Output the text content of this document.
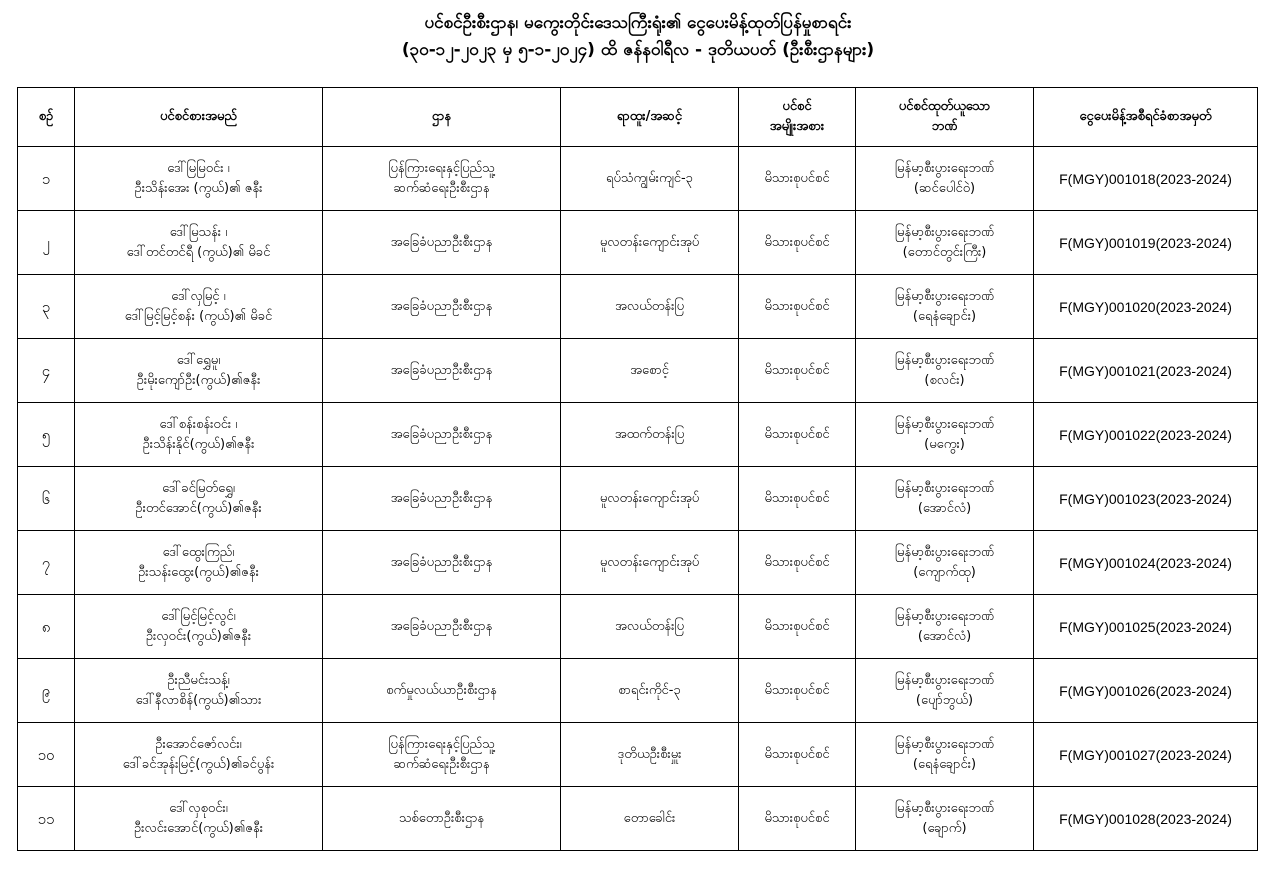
ပင်စင်ဦးစီးဌာန၊ မကွေးတိုင်းဒေသကြီးရုံး၏ ငွေပေးမိန့်ထုတ်ပြန်မှုစာရင်း
(၃၀-၁၂-၂၀၂၃ မှ ၅-၁-၂၀၂၄) ထိ ဇန်နဝါရီလ - ဒုတိယပတ် (ဦးစီးဌာနများ)
စဉ်	ပင်စင်စားအမည်	ဌာန	ရာထူး/အဆင့်	ပင်စင်
အမျိုးအစား	ပင်စင်ထုတ်ယူသော
ဘဏ်	ငွေပေးမိန့်အစီရင်ခံစာအမှတ်
၁	ဒေါ်မြမြဝင်း ၊
ဦးသိန်းအေး (ကွယ်)၏ ဇနီး	ပြန်ကြားရေးနှင့်ပြည်သူ့
ဆက်ဆံရေးဦးစီးဌာန	ရပ်သံကျွမ်းကျင်-၃	မိသားစုပင်စင်	မြန်မာ့စီးပွားရေးဘဏ်
(ဆင်ပေါင်ဝဲ)	F(MGY)001018(2023-2024)
၂	ဒေါ်မြသန်း ၊
ဒေါ်တင်တင်ရီ (ကွယ်)၏ မိခင်	အခြေခံပညာဦးစီးဌာန	မူလတန်းကျောင်းအုပ်	မိသားစုပင်စင်	မြန်မာ့စီးပွားရေးဘဏ်
(တောင်တွင်းကြီး)	F(MGY)001019(2023-2024)
၃	ဒေါ်လှမြင့် ၊
ဒေါ်မြင့်မြင့်စန်း (ကွယ်)၏ မိခင်	အခြေခံပညာဦးစီးဌာန	အလယ်တန်းပြ	မိသားစုပင်စင်	မြန်မာ့စီးပွားရေးဘဏ်
(ရေနံချောင်း)	F(MGY)001020(2023-2024)
၄	ဒေါ်ရွှေမူ၊
ဦးမိုးကျော်ဦး(ကွယ်)၏ဇနီး	အခြေခံပညာဦးစီးဌာန	အစောင့်	မိသားစုပင်စင်	မြန်မာ့စီးပွားရေးဘဏ်
(စလင်း)	F(MGY)001021(2023-2024)
၅	ဒေါ်စန်းစန်းဝင်း ၊
ဦးသိန်းနိုင်(ကွယ်)၏ဇနီး	အခြေခံပညာဦးစီးဌာန	အထက်တန်းပြ	မိသားစုပင်စင်	မြန်မာ့စီးပွားရေးဘဏ်
(မကွေး)	F(MGY)001022(2023-2024)
၆	ဒေါ်ခင်မြတ်ရွှေ၊
ဦးတင်အောင်(ကွယ်)၏ဇနီး	အခြေခံပညာဦးစီးဌာန	မူလတန်းကျောင်းအုပ်	မိသားစုပင်စင်	မြန်မာ့စီးပွားရေးဘဏ်
(အောင်လံ)	F(MGY)001023(2023-2024)
၇	ဒေါ်ထွေးကြည်၊
ဦးသန်းထွေး(ကွယ်)၏ဇနီး	အခြေခံပညာဦးစီးဌာန	မူလတန်းကျောင်းအုပ်	မိသားစုပင်စင်	မြန်မာ့စီးပွားရေးဘဏ်
(ကျောက်ထု)	F(MGY)001024(2023-2024)
၈	ဒေါ်မြင့်မြင့်လွင်၊
ဦးလှဝင်း(ကွယ်)၏ဇနီး	အခြေခံပညာဦးစီးဌာန	အလယ်တန်းပြ	မိသားစုပင်စင်	မြန်မာ့စီးပွားရေးဘဏ်
(အောင်လံ)	F(MGY)001025(2023-2024)
၉	ဦးညီမင်းသန့်၊
ဒေါ်နီလာစိန်(ကွယ်)၏သား	စက်မှုလယ်ယာဦးစီးဌာန	စာရင်းကိုင်-၃	မိသားစုပင်စင်	မြန်မာ့စီးပွားရေးဘဏ်
(ပျော်ဘွယ်)	F(MGY)001026(2023-2024)
၁၀	ဦးအောင်ဇော်လင်း၊
ဒေါ်ခင်အုန်းမြင့်(ကွယ်)၏ခင်ပွန်း	ပြန်ကြားရေးနှင့်ပြည်သူ့
ဆက်ဆံရေးဦးစီးဌာန	ဒုတိယဦးစီးမှူး	မိသားစုပင်စင်	မြန်မာ့စီးပွားရေးဘဏ်
(ရေနံချောင်း)	F(MGY)001027(2023-2024)
၁၁	ဒေါ်လှစုဝင်း၊
ဦးလင်းအောင်(ကွယ်)၏ဇနီး	သစ်တောဦးစီးဌာန	တောခေါင်း	မိသားစုပင်စင်	မြန်မာ့စီးပွားရေးဘဏ်
(ချောက်)	F(MGY)001028(2023-2024)
